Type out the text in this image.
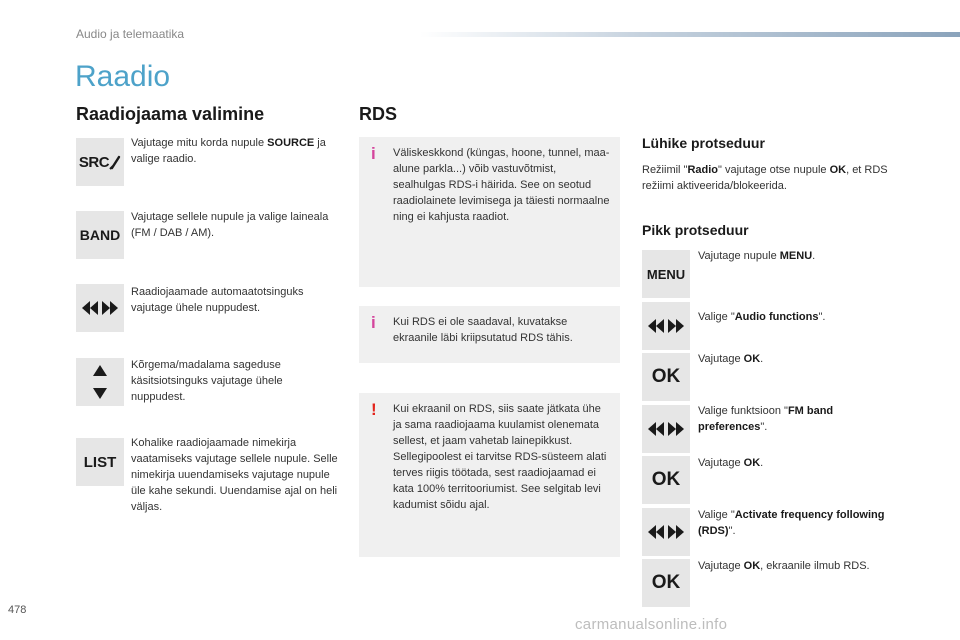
Audio ja telemaatika
Raadio
Raadiojaama valimine
SRC
Vajutage mitu korda nupule SOURCE ja valige raadio.
BAND
Vajutage sellele nupule ja valige laineala (FM / DAB / AM).
Raadiojaamade automaatotsinguks vajutage ühele nuppudest.
Kõrgema/madalama sageduse käsitsiotsinguks vajutage ühele nuppudest.
LIST
Kohalike raadiojaamade nimekirja vaatamiseks vajutage sellele nupule. Selle nimekirja uuendamiseks vajutage nupule üle kahe sekundi. Uuendamise ajal on heli väljas.
RDS
i Väliskeskkond (küngas, hoone, tunnel, maa-alune parkla...) võib vastuvõtmist, sealhulgas RDS-i häirida. See on seotud raadiolainete levimisega ja täiesti normaalne ning ei kahjusta raadiot.
i Kui RDS ei ole saadaval, kuvatakse ekraanile läbi kriipsutatud RDS tähis.
! Kui ekraanil on RDS, siis saate jätkata ühe ja sama raadiojaama kuulamist olenemata sellest, et jaam vahetab lainepikkust. Sellegipoolest ei tarvitse RDS-süsteem alati terves riigis töötada, sest raadiojaamad ei kata 100% territooriumist. See selgitab levi kadumist sõidu ajal.
Lühike protseduur
Režiimil "Radio" vajutage otse nupule OK, et RDS režiimi aktiveerida/blokeerida.
Pikk protseduur
MENU
Vajutage nupule MENU.
Valige "Audio functions".
OK
Vajutage OK.
Valige funktsioon "FM band preferences".
OK
Vajutage OK.
Valige "Activate frequency following (RDS)".
OK
Vajutage OK, ekraanile ilmub RDS.
478
carmanualsonline.info
